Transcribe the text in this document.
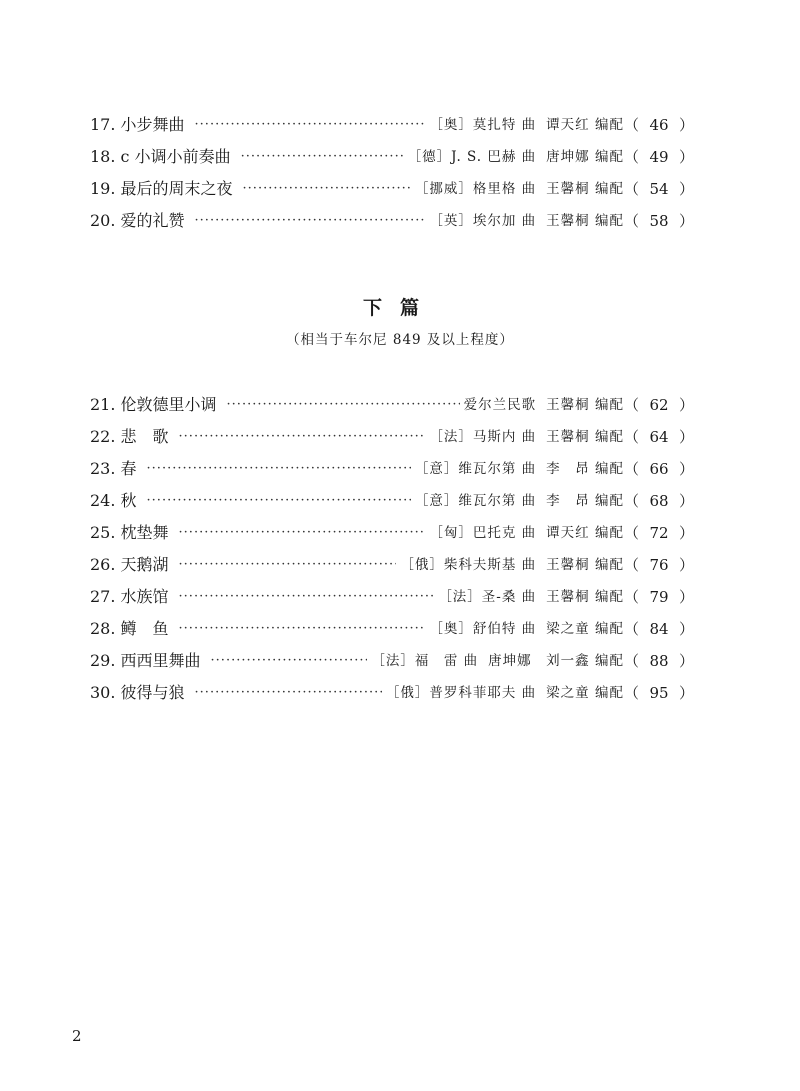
17. 小步舞曲 ·····	［奥］莫扎特 曲 谭天红 编配 （ 46 ）
18. c 小调小前奏曲 ·····	［德］J. S. 巴赫 曲 唐坤娜 编配 （ 49 ）
19. 最后的周末之夜 ·····	［挪威］格里格 曲 王馨桐 编配 （ 54 ）
20. 爱的礼赞 ·····	［英］埃尔加 曲 王馨桐 编配 （ 58 ）
下篇
（相当于车尔尼 849 及以上程度）
21. 伦敦德里小调 ·····	爱尔兰民歌 王馨桐 编配 （ 62 ）
22. 悲　歌 ·····	［法］马斯内 曲 王馨桐 编配 （ 64 ）
23. 春 ·····	［意］维瓦尔第 曲 李　昂 编配 （ 66 ）
24. 秋 ·····	［意］维瓦尔第 曲 李　昂 编配 （ 68 ）
25. 枕垫舞 ·····	［匈］巴托克 曲 谭天红 编配 （ 72 ）
26. 天鹅湖 ·····	［俄］柴科夫斯基 曲 王馨桐 编配 （ 76 ）
27. 水族馆 ·····	［法］圣-桑 曲 王馨桐 编配 （ 79 ）
28. 鳟　鱼 ·····	［奥］舒伯特 曲 梁之童 编配 （ 84 ）
29. 西西里舞曲 ·····	［法］福　雷 曲 唐坤娜　刘一鑫 编配 （ 88 ）
30. 彼得与狼 ·····	［俄］普罗科菲耶夫 曲 梁之童 编配 （ 95 ）
2
